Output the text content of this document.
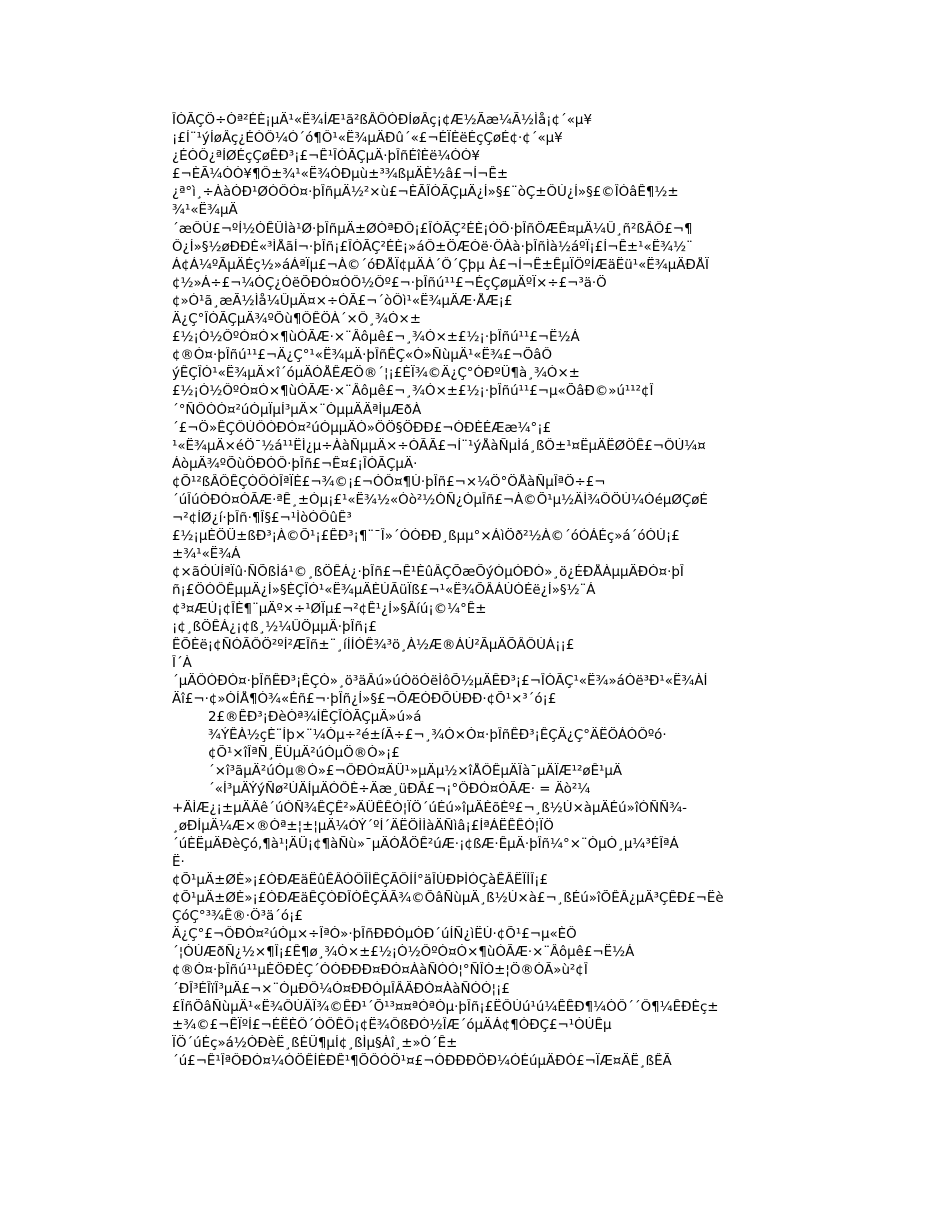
ÎÒÃÇÖ÷Òª²ÉÈ¡µÄ¹«Ë¾ÍÆ¹ã²ßÂÔÓÐÍøÂç¡¢Æ½Ãæ¼Ã½Ìå¡¢´«µ¥
¡£Í¨¹ýÍøÂç¿ÉÒÔ¼Ó´ó¶Ô¹«Ë¾µÄÐû´«£¬ÉÏÈëÉçÇøÉ¢·¢´«µ¥
¿ÉÒÔ¿ªÍØÉçÇøÊÐ³¡£¬Ê¹ÎÒÃÇµÄ·þÎñÉîÈë¼ÒÒ¥
£¬ÈÃ¼ÒÒ¥¶Ô±¾¹«Ë¾ÓÐµù±³¾ßµÄÈ½â£¬Í¬Ê±
¿ª°ì¸÷ÀàÓÐ¹ØÒÔÓ¤·þÎñµÄ½²×ù£¬ÈÃÎÒÃÇµÄ¿Í»§£¨òÇ±ÔÚ¿Í»§£©ÎÒâÊ¶½±
¾¹«Ë¾µÄ
´æÔÚ£¬ºÍ½ÓÊÜÌà¹Ø·þÎñµÄ±ØÒªÐÔ¡£ÎÒÃÇ²ÉÈ¡ÒÔ·þÎñÖÆÊ¤µÄ¼Û¸ñ²ßÂÔ£¬¶
Ô¿Í»§½øÐÐÈ«³ÌÅãÍ¬·þÎñ¡£ÎÒÃÇ²ÉÈ¡»áÔ±ÖÆÓë·ÖÀà·þÎñÌà½áºÏ¡£Í¬Ê±¹«Ë¾½¨
Á¢Á¼ºÃµÄÉç½»áÁªÏµ£¬À©´óÐÅÏ¢µÄÀ´Ô´Çþµ À£¬Í¬Ê±ÊµÏÖºÍÆäËü¹«Ë¾µÄÐÅÏ
¢½»Á÷£¬¼ÓÇ¿ÓëÕÐÓ¤ÒÔ½Ôº£¬·þÎñú¹¹£¬ÉçÇøµÄºÏ×÷£¬³ä·Ö
¢»Ó¹ã¸æÃ½Ìå¼ÛµÄ¤×÷ÓÃ£¬´òÔì¹«Ë¾µÄÆ·ÅÆ¡£
Ä¿Ç°ÎÒÃÇµÄ¾ºÕù¶ÔÊÖÀ´×Ô¸¾Ó×±
£½¡Ò½ÔºÓ¤Ó×¶ùÓÃÆ·×¨Âôµê£¬¸¾Ó×±£½¡·þÎñú¹¹£¬Ë½Á
¢®Ó¤·þÎñú¹¹£¬Ä¿Ç°¹«Ë¾µÄ·þÎñÊÇ«Ò»ÑùµÄ¹«Ë¾£¬ÕâÔ
ýÊÇÎÒ¹«Ë¾µÄ×î´óµÄÓÅÊÆÖ®´¦¡£ÈÏ¾©Ä¿Ç°ÓÐºÜ¶à¸¾Ó×±
£½¡Ò½ÔºÓ¤Ó×¶ùÓÃÆ·×¨Âôµê£¬¸¾Ó×±£½¡·þÎñú¹¹£¬µ«ÕâÐ©»ú¹¹²¢Î
´°ÑÔÓÓ¤²úÒµÏµÍ³µÄ×¨ÒµµÄÄªÌµÆðÀ
´£¬Ö»ÊÇÔÚÔÓÐÓ¤²úÒµµÄÒ»ÖÖ§ÖÐÐ£¬ÓÐÈÉÆæ¼°¡£
¹«Ë¾µÄ×éÖ¯½á¹¹ËÌ¿µ÷ÀàÑµµÄ×÷ÓÃÃ£¬Í¨¹ýÅàÑµÌá¸ßÔ±¹¤ËµÄËØÖÊ£¬ÔÚ¼¤
ÁòµÄ¾ºÕùÖÐÒÔ·þÎñ£¬Ê¤£¡ÎÒÃÇµÄ·
¢Õ¹²ßÂÔÊÇÒÔÓÎªÏÈ£¬¾©¡£¬ÒÔ¤¶Ù·þÎñ£¬×¼Ö°ÖÅàÑµÎªÖ÷£¬
´úÎúÓÐÓ¤ÒÃÆ·ªÊ¸±Òµ¡£¹«Ë¾½«Òò²½ÒÑ¿ÓµÎñ£¬À©Õ¹µ½ÄÌ¾ÔÖÙ¼ÓéµØÇøÉ
¬²¢ÍØ¿í·þÎñ·¶Î§£¬¹ÌòÒÔûÊ³
£½¡µÈÖÜ±ßÐ³¡À©Õ¹¡£ÊÐ³¡¶¨¯Î»´ÓÓÐÐ¸ßµµ°×ÁìÖð²½À©´óÓÁÉç»á´óÓÚ¡£
±¾¹«Ë¾Á
¢×ãÓÚÍªÏû·ÑÕßÌá¹©¸ßÖÊÁ¿·þÎñ£¬Ê¹ÈûÂÇÕæÕýÓµÓÐÒ»¸ö¿ÉÐÅÀµµÄÐÓ¤·þÎ
ñ¡£ÖÒÔÊµµÄ¿Í»§ÈÇÎÒ¹«Ë¾µÄÈÚÃüÏß£¬¹«Ë¾ÕÂÁÙÓÉë¿Í»§½¨Á
¢³¤ÆÚ¡¢ÎÈ¶¨µÄº×÷¹ØÏµ£¬²¢Ê¹¿Í»§Âíú¡©¼°Ê±
¡¢¸ßÖÊÁ¿¡¢ß¸½¼ÛÖµµÄ·þÎñ¡£
ÊÕÈë¡¢ÑÓÃÔÖ²ºÍ²ÆÎñ±¨¸íÍÍÒÊ¾³ö¸À½Æ®ÁÙ²ÃµÄÕÂÔÚÁ¡¡£
Î´À
´µÄÔÓÐÓ¤·þÎñÊÐ³¡ÊÇÒ»¸ö³äÂú»úÓöÓëÌôÕ½µÄÊÐ³¡£¬ÎÒÃÇ¹«Ë¾»áÓë³Ð¹«Ë¾ÀÍ
Äî£¬·¢»ÓÍÅ¶Ó¾«Éñ£¬·þÎñ¿Í»§£¬ÕÆÓÐÕÙÐÐ·¢Õ¹×³´ó¡£
2£®ÊÐ³¡ÐèÒª¾ÍÊÇÎÒÃÇµÄ»ú»á
¾ÝÊÀ½çÈ¨Íþ×¨¼Òµ÷²é±íÃ÷£¬¸¾Ó×Ó¤·þÎñÊÐ³¡ÊÇÄ¿Ç°ÄËÖÁÒÔºó·
¢Õ¹×îÎªÑ¸ËÙµÄ²úÒµÖ®Ò»¡£
´×î³ãµÄ²úÒµ®Ò»£¬ÔÐÓ¤ÄÜ¹»µÄµ½×îÅÔÊµÄÏà¯µÄÏÆ¹²øÊ¹µÄ
´«Í³µÄÝýÑø²ÙÄÍµÄÒÔÈ÷Äæ¸üÐÂ£¬¡°ÔÐÓ¤ÓÃÆ· = Äò²¼
+ÄÌÆ¿¡±µÄÄê´úÒÑ¾ÊÇÊ²»ÄÜÊÊÓ¦ÏÖ´úÉú»îµÄÈõÈº£¬¸ß½Ú×àµÄÉú»îÒÑÑ¾-
¸øÐÍµÄ¼Æ×®Òª±¦±¦µÄ¼ÒÝ´ºÍ´ÄËÖÌÌàÄÑìâ¡£ÍªÁËÊÊÓ¦ÏÖ
´úÈËµÄÐèÇó,¶à¹¦ÄÜ¡¢¶àÑù»¯µÄÓÅÖÊ²úÆ·¡¢ßÆ·ÊµÄ·þÎñ¼°×¨ÒµÒ¸µ¼³ÉÎªÁ
Ë·
¢Õ¹µÄ±ØÈ»¡£ÓÐÆäËûÊÂÒÔÎÌÊÇÃÔÍÍ°äÎÙÐÞÌÓÇàÊÂËÏÍÎ¡£
¢Õ¹µÄ±ØÈ»¡£ÓÐÆäÊÇÓÐÎÒÊÇÄÃ¾©ÕâÑùµÄ¸ß½Ú×à£¬¸ßÉú»îÕÊÂ¿µÄ³ÇÊÐ£¬Ëè
ÇóÇ°³¾Ê®·Ö³ä´ó¡£
Ä¿Ç°£¬ÔÐÓ¤²úÒµ×÷ÎªÒ»·þÎñÐÐÒµÓÐ´úÍÑ¿ìËÙ·¢Õ¹£¬µ«ÈÔ
´¦ÓÚÆðÑ¿½×¶Î¡£Ê¶ø¸¾Ó×±£½¡Ò½ÔºÓ¤Ó×¶ùÓÃÆ·×¨Âôµê£¬Ë½Á
¢®Ó¤·þÎñú¹¹µÈÖÐÈÇ´ÓÓÐÐÐ¤ÐÓ¤ÀàÑÓÓ¦°ÑÎÒ±¦Ö®ÓÃ»ù²¢Î
´ÐÎ³ÉÎïÎ³µÄ£¬×¨ÒµÐÔ¼Ó¤ÐÐÒµÎÂÄÐÓ¤ÀàÑÓÓ¦¡£
£ÎñÕâÑùµÄ¹«Ë¾ÔÚÄÏ¾©ÊÐ¹´Õ¹³¤¤ªÓªÒµ·þÎñ¡£ËÔÚú¹ú¼ÊÊÐ¶¼ÒÔ´´Ô¶¼ÊÐÈç±
±¾©£¬ÊÏºÍ£¬ÉËÈÔ´ÓÔÊÔ¡¢Ë¾ÔßÐÒ½ÎÆ´óµÄÁ¢¶ÓÐÇ£¬¹ÒÚÊµ
ÏÖ´úÉç»á½ÓÐèË¸ßÉÜ¶µÍ¢¸ßÌµ§Àî¸±»Ò´Ê±
´ú£¬Ê¹ÎªÔÐÓ¤¼ÓÖÊÍÈÐÊ¹¶ÕÔÓÖ¹¤£¬ÓÐÐÐÖÐ¼ÓÉúµÄÐÓ£¬ÏÆ¤ÄË¸ßÊÃ
